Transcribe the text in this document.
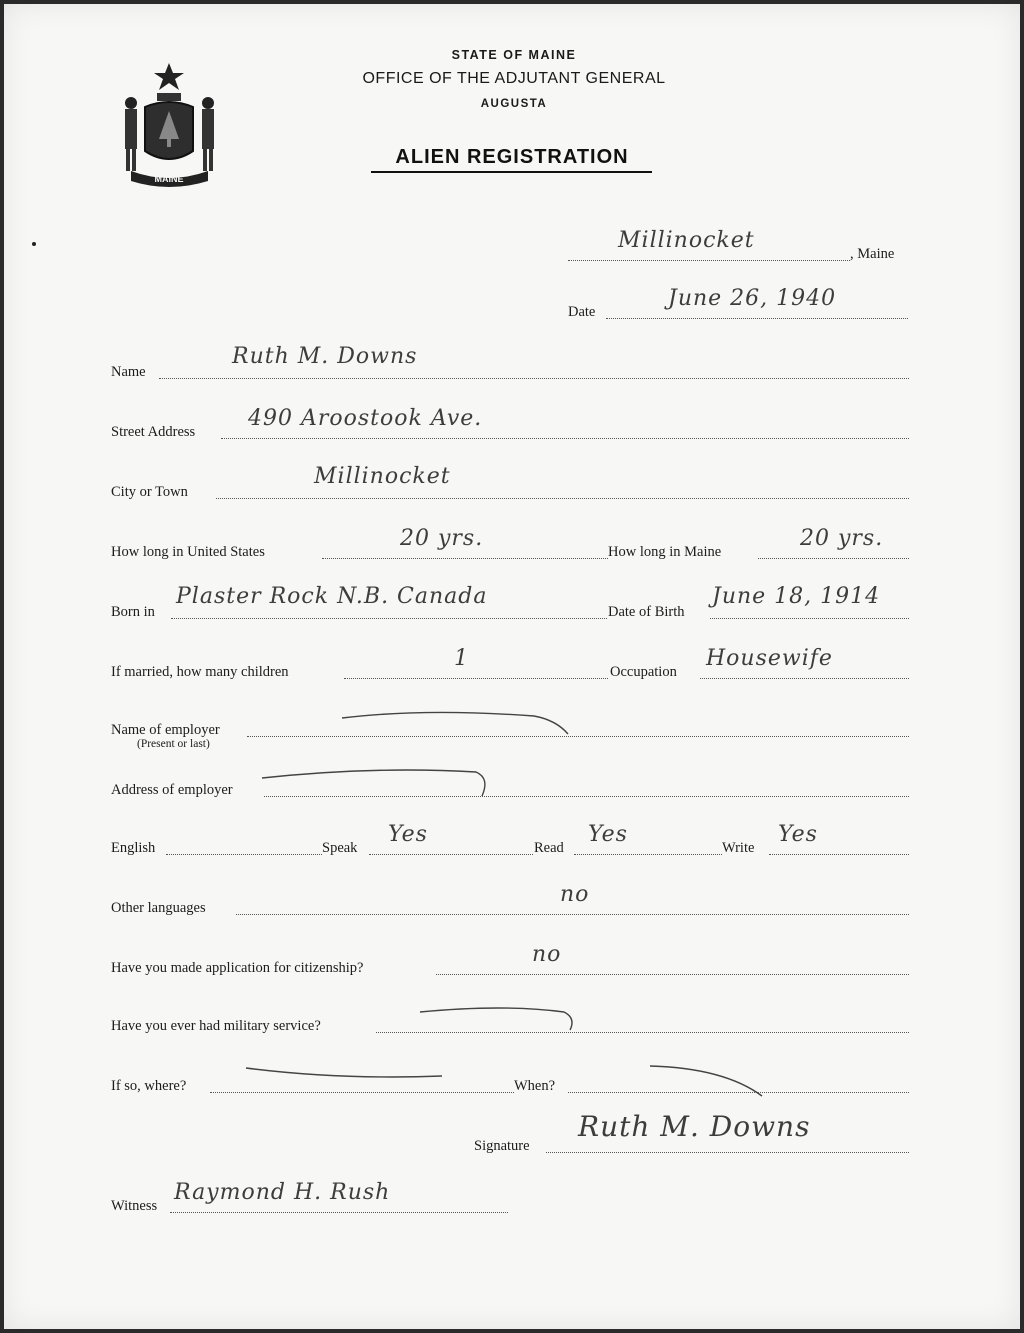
MAINE
STATE OF MAINE
OFFICE OF THE ADJUTANT GENERAL
AUGUSTA
ALIEN REGISTRATION
Millinocket
, Maine
Date
June 26, 1940
Name
Ruth M. Downs
Street Address
490 Aroostook Ave.
City or Town
Millinocket
How long in United States
20 yrs.
How long in Maine
20 yrs.
Born in
Plaster Rock N.B. Canada
Date of Birth
June 18, 1914
If married, how many children
1
Occupation
Housewife
Name of employer
(Present or last)
Address of employer
English	Speak
Yes
Read
Yes
Write
Yes
Other languages
no
Have you made application for citizenship?
no
Have you ever had military service?
If so, where?	When?
Signature
Ruth M. Downs
Witness
Raymond H. Rush
